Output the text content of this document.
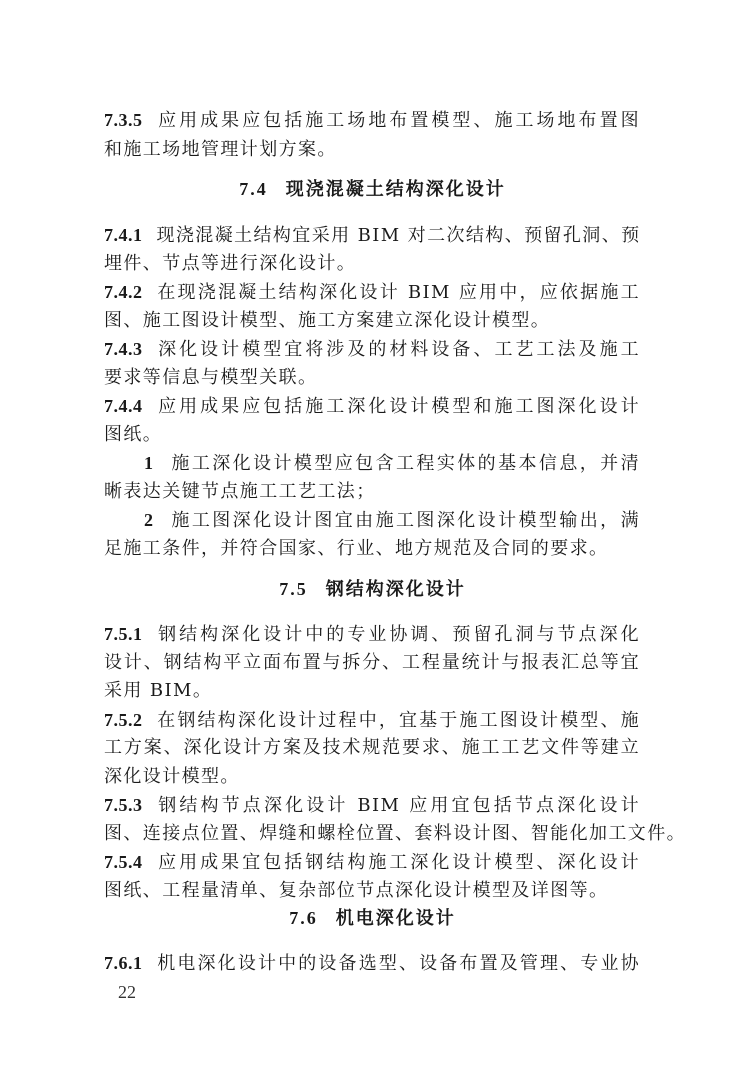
7.3.5 应用成果应包括施工场地布置模型、施工场地布置图
和施工场地管理计划方案。
7.4 现浇混凝土结构深化设计
7.4.1 现浇混凝土结构宜采用 BIM 对二次结构、预留孔洞、预
埋件、节点等进行深化设计。
7.4.2 在现浇混凝土结构深化设计 BIM 应用中，应依据施工
图、施工图设计模型、施工方案建立深化设计模型。
7.4.3 深化设计模型宜将涉及的材料设备、工艺工法及施工
要求等信息与模型关联。
7.4.4 应用成果应包括施工深化设计模型和施工图深化设计
图纸。
1 施工深化设计模型应包含工程实体的基本信息，并清
晰表达关键节点施工工艺工法；
2 施工图深化设计图宜由施工图深化设计模型输出，满
足施工条件，并符合国家、行业、地方规范及合同的要求。
7.5 钢结构深化设计
7.5.1 钢结构深化设计中的专业协调、预留孔洞与节点深化
设计、钢结构平立面布置与拆分、工程量统计与报表汇总等宜
采用 BIM。
7.5.2 在钢结构深化设计过程中，宜基于施工图设计模型、施
工方案、深化设计方案及技术规范要求、施工工艺文件等建立
深化设计模型。
7.5.3 钢结构节点深化设计 BIM 应用宜包括节点深化设计
图、连接点位置、焊缝和螺栓位置、套料设计图、智能化加工文件。
7.5.4 应用成果宜包括钢结构施工深化设计模型、深化设计
图纸、工程量清单、复杂部位节点深化设计模型及详图等。
7.6 机电深化设计
7.6.1 机电深化设计中的设备选型、设备布置及管理、专业协
22
